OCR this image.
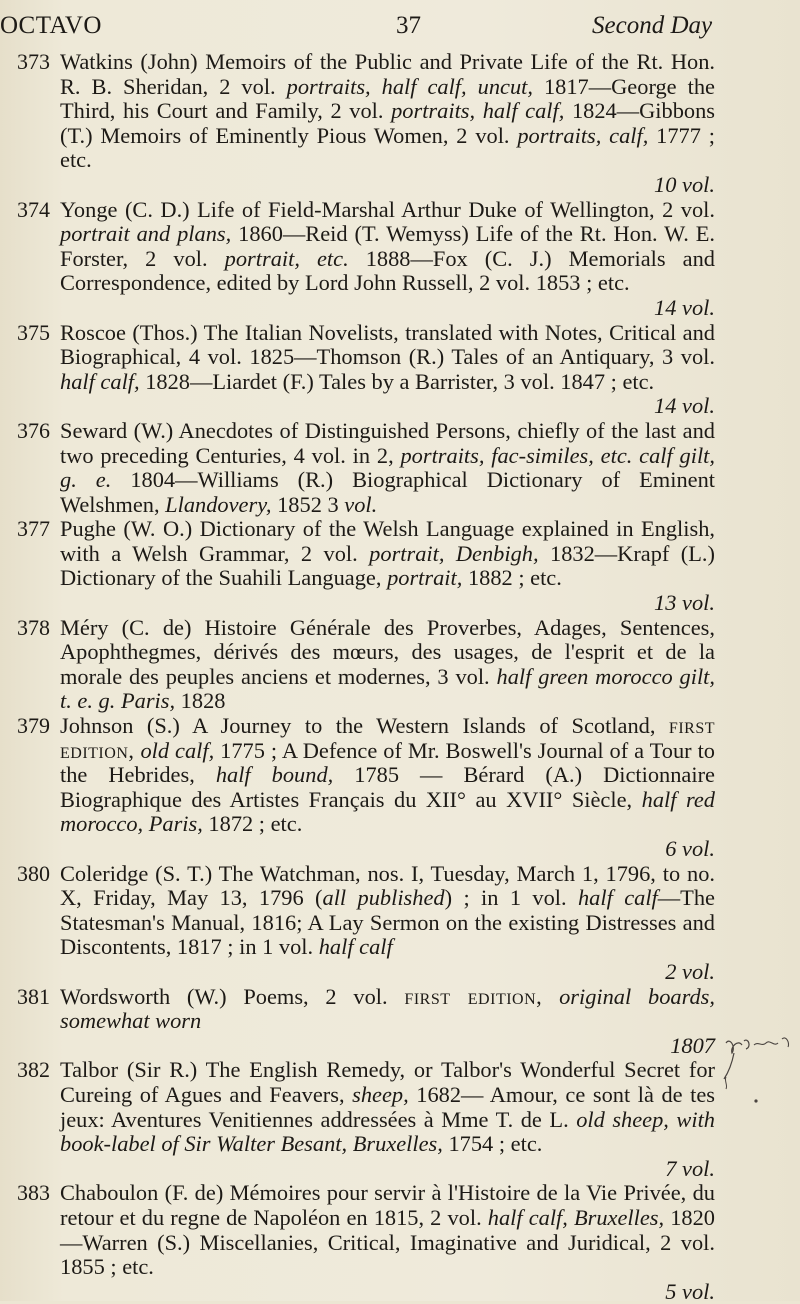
OCTAVO	37	Second Day
373 Watkins (John) Memoirs of the Public and Private Life of the Rt. Hon. R. B. Sheridan, 2 vol. portraits, half calf, uncut, 1817—George the Third, his Court and Family, 2 vol. portraits, half calf, 1824—Gibbons (T.) Memoirs of Eminently Pious Women, 2 vol. portraits, calf, 1777 ; etc.
10 vol.
374 Yonge (C. D.) Life of Field-Marshal Arthur Duke of Wellington, 2 vol. portrait and plans, 1860—Reid (T. Wemyss) Life of the Rt. Hon. W. E. Forster, 2 vol. portrait, etc. 1888—Fox (C. J.) Memorials and Correspondence, edited by Lord John Russell, 2 vol. 1853 ; etc.
14 vol.
375 Roscoe (Thos.) The Italian Novelists, translated with Notes, Critical and Biographical, 4 vol. 1825—Thomson (R.) Tales of an Antiquary, 3 vol. half calf, 1828—Liardet (F.) Tales by a Barrister, 3 vol. 1847 ; etc.
14 vol.
376 Seward (W.) Anecdotes of Distinguished Persons, chiefly of the last and two preceding Centuries, 4 vol. in 2, portraits, fac-similes, etc. calf gilt, g. e. 1804—Williams (R.) Biographical Dictionary of Eminent Welshmen, Llandovery, 1852 3 vol.
377 Pughe (W. O.) Dictionary of the Welsh Language explained in English, with a Welsh Grammar, 2 vol. portrait, Denbigh, 1832—Krapf (L.) Dictionary of the Suahili Language, portrait, 1882 ; etc.
13 vol.
378 Méry (C. de) Histoire Générale des Proverbes, Adages, Sentences, Apophthegmes, dérivés des mœurs, des usages, de l'esprit et de la morale des peuples anciens et modernes, 3 vol. half green morocco gilt, t. e. g. Paris, 1828
379 Johnson (S.) A Journey to the Western Islands of Scotland, first edition, old calf, 1775 ; A Defence of Mr. Boswell's Journal of a Tour to the Hebrides, half bound, 1785 — Bérard (A.) Dictionnaire Biographique des Artistes Français du XII° au XVII° Siècle, half red morocco, Paris, 1872 ; etc.
6 vol.
380 Coleridge (S. T.) The Watchman, nos. I, Tuesday, March 1, 1796, to no. X, Friday, May 13, 1796 (all published) ; in 1 vol. half calf—The Statesman's Manual, 1816; A Lay Sermon on the existing Distresses and Discontents, 1817 ; in 1 vol. half calf
2 vol.
381 Wordsworth (W.) Poems, 2 vol. first edition, original boards, somewhat worn
1807
382 Talbor (Sir R.) The English Remedy, or Talbor's Wonderful Secret for Cureing of Agues and Feavers, sheep, 1682— Amour, ce sont là de tes jeux: Aventures Venitiennes addressées à Mme T. de L. old sheep, with book-label of Sir Walter Besant, Bruxelles, 1754 ; etc.
7 vol.
383 Chaboulon (F. de) Mémoires pour servir à l'Histoire de la Vie Privée, du retour et du regne de Napoléon en 1815, 2 vol. half calf, Bruxelles, 1820—Warren (S.) Miscellanies, Critical, Imaginative and Juridical, 2 vol. 1855 ; etc.
5 vol.
